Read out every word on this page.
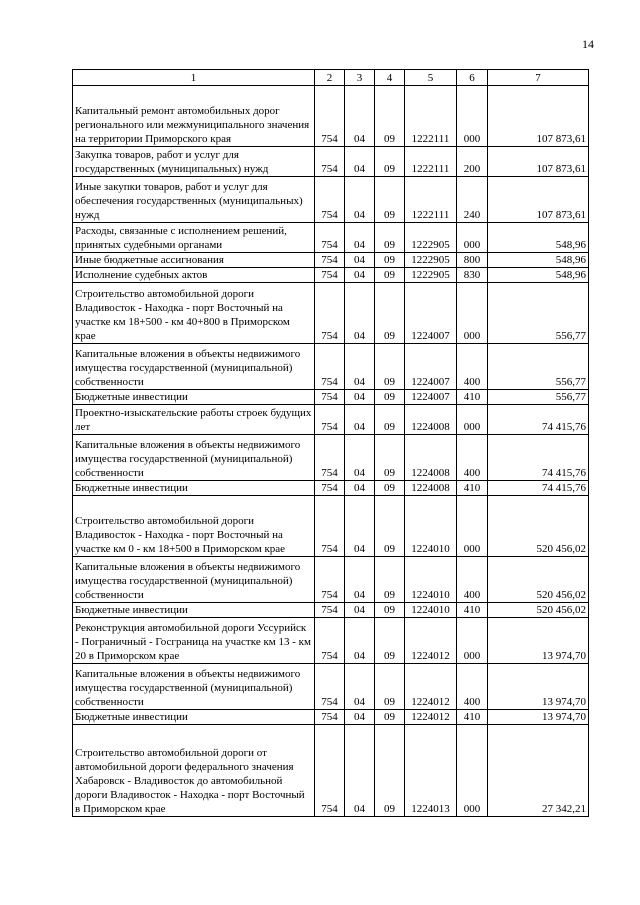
14
1	2	3	4	5	6	7
Капитальный ремонт автомобильных дорог регионального или межмуниципального значения на территории Приморского края	754	04	09	1222111	000	107 873,61
Закупка товаров, работ и услуг для государственных (муниципальных) нужд	754	04	09	1222111	200	107 873,61
Иные закупки товаров, работ и услуг для обеспечения государственных (муниципальных) нужд	754	04	09	1222111	240	107 873,61
Расходы, связанные с исполнением решений, принятых судебными органами	754	04	09	1222905	000	548,96
Иные бюджетные ассигнования	754	04	09	1222905	800	548,96
Исполнение судебных актов	754	04	09	1222905	830	548,96
Строительство автомобильной дороги Владивосток - Находка - порт Восточный на участке км 18+500 - км 40+800 в Приморском крае	754	04	09	1224007	000	556,77
Капитальные вложения в объекты недвижимого имущества государственной (муниципальной) собственности	754	04	09	1224007	400	556,77
Бюджетные инвестиции	754	04	09	1224007	410	556,77
Проектно-изыскательские работы строек будущих лет	754	04	09	1224008	000	74 415,76
Капитальные вложения в объекты недвижимого имущества государственной (муниципальной) собственности	754	04	09	1224008	400	74 415,76
Бюджетные инвестиции	754	04	09	1224008	410	74 415,76
Строительство автомобильной дороги Владивосток - Находка - порт Восточный на участке км 0 - км 18+500 в Приморском крае	754	04	09	1224010	000	520 456,02
Капитальные вложения в объекты недвижимого имущества государственной (муниципальной) собственности	754	04	09	1224010	400	520 456,02
Бюджетные инвестиции	754	04	09	1224010	410	520 456,02
Реконструкция автомобильной дороги Уссурийск - Пограничный - Госграница на участке км 13 - км 20 в Приморском крае	754	04	09	1224012	000	13 974,70
Капитальные вложения в объекты недвижимого имущества государственной (муниципальной) собственности	754	04	09	1224012	400	13 974,70
Бюджетные инвестиции	754	04	09	1224012	410	13 974,70
Строительство автомобильной дороги от автомобильной дороги федерального значения Хабаровск - Владивосток до автомобильной дороги Владивосток - Находка - порт Восточный в Приморском крае	754	04	09	1224013	000	27 342,21
